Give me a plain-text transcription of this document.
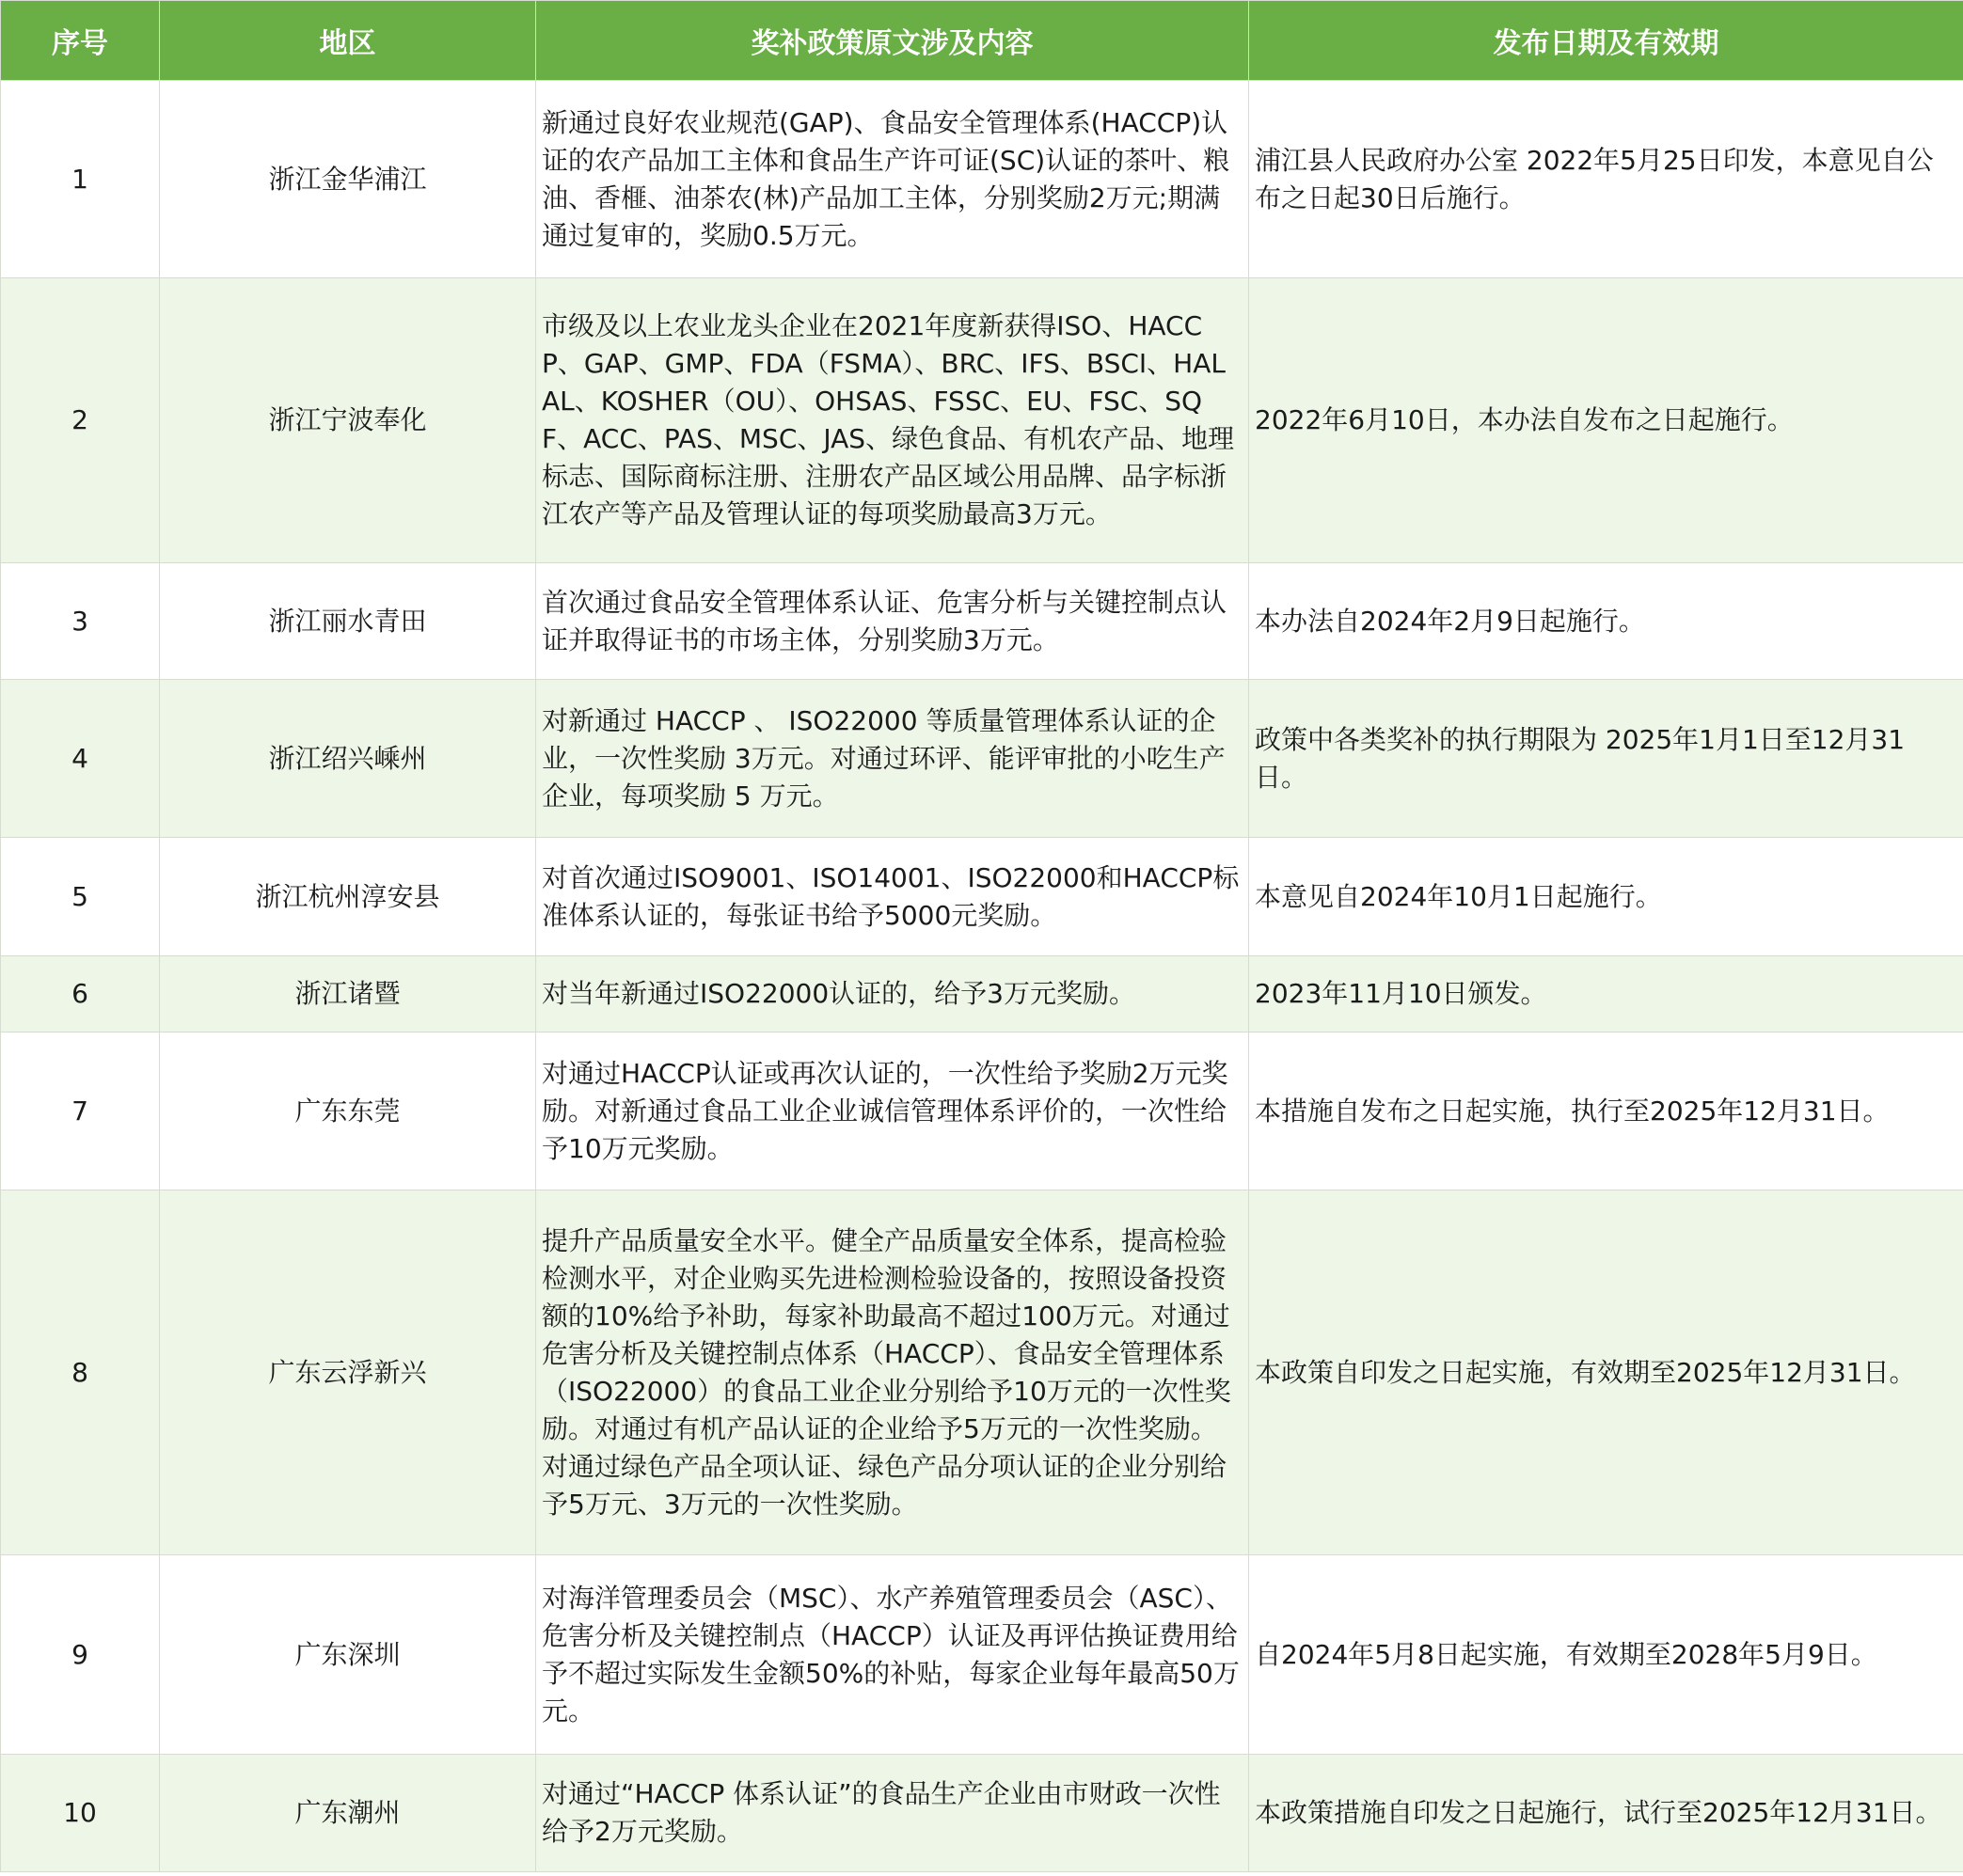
序号	地区	奖补政策原文涉及内容	发布日期及有效期
1	浙江金华浦江	新通过良好农业规范(GAP)、食品安全管理体系(HACCP)认证的农产品加工主体和食品生产许可证(SC)认证的茶叶、粮油、香榧、油茶农(林)产品加工主体，分别奖励2万元;期满通过复审的，奖励0.5万元。	浦江县人民政府办公室 2022年5月25日印发，本意见自公布之日起30日后施行。
2	浙江宁波奉化	市级及以上农业龙头企业在2021年度新获得ISO、HACCP、GAP、GMP、FDA（FSMA）、BRC、IFS、BSCI、HALAL、KOSHER（OU）、OHSAS、FSSC、EU、FSC、SQF、ACC、PAS、MSC、JAS、绿色食品、有机农产品、地理标志、国际商标注册、注册农产品区域公用品牌、品字标浙江农产等产品及管理认证的每项奖励最高3万元。	2022年6月10日，本办法自发布之日起施行。
3	浙江丽水青田	首次通过食品安全管理体系认证、危害分析与关键控制点认证并取得证书的市场主体，分别奖励3万元。	本办法自2024年2月9日起施行。
4	浙江绍兴嵊州	对新通过 HACCP 、 ISO22000 等质量管理体系认证的企业，一次性奖励 3万元。对通过环评、能评审批的小吃生产企业，每项奖励 5 万元。	政策中各类奖补的执行期限为 2025年1月1日至12月31日。
5	浙江杭州淳安县	对首次通过ISO9001、ISO14001、ISO22000和HACCP标准体系认证的，每张证书给予5000元奖励。	本意见自2024年10月1日起施行。
6	浙江诸暨	对当年新通过ISO22000认证的，给予3万元奖励。	2023年11月10日颁发。
7	广东东莞	对通过HACCP认证或再次认证的，一次性给予奖励2万元奖励。对新通过食品工业企业诚信管理体系评价的，一次性给予10万元奖励。	本措施自发布之日起实施，执行至2025年12月31日。
8	广东云浮新兴	提升产品质量安全水平。健全产品质量安全体系，提高检验检测水平，对企业购买先进检测检验设备的，按照设备投资额的10%给予补助，每家补助最高不超过100万元。对通过危害分析及关键控制点体系（HACCP）、食品安全管理体系（ISO22000）的食品工业企业分别给予10万元的一次性奖励。对通过有机产品认证的企业给予5万元的一次性奖励。对通过绿色产品全项认证、绿色产品分项认证的企业分别给予5万元、3万元的一次性奖励。	本政策自印发之日起实施，有效期至2025年12月31日。
9	广东深圳	对海洋管理委员会（MSC）、水产养殖管理委员会（ASC）、危害分析及关键控制点（HACCP）认证及再评估换证费用给予不超过实际发生金额50%的补贴，每家企业每年最高50万元。	自2024年5月8日起实施，有效期至2028年5月9日。
10	广东潮州	对通过“HACCP 体系认证”的食品生产企业由市财政一次性给予2万元奖励。	本政策措施自印发之日起施行，试行至2025年12月31日。
